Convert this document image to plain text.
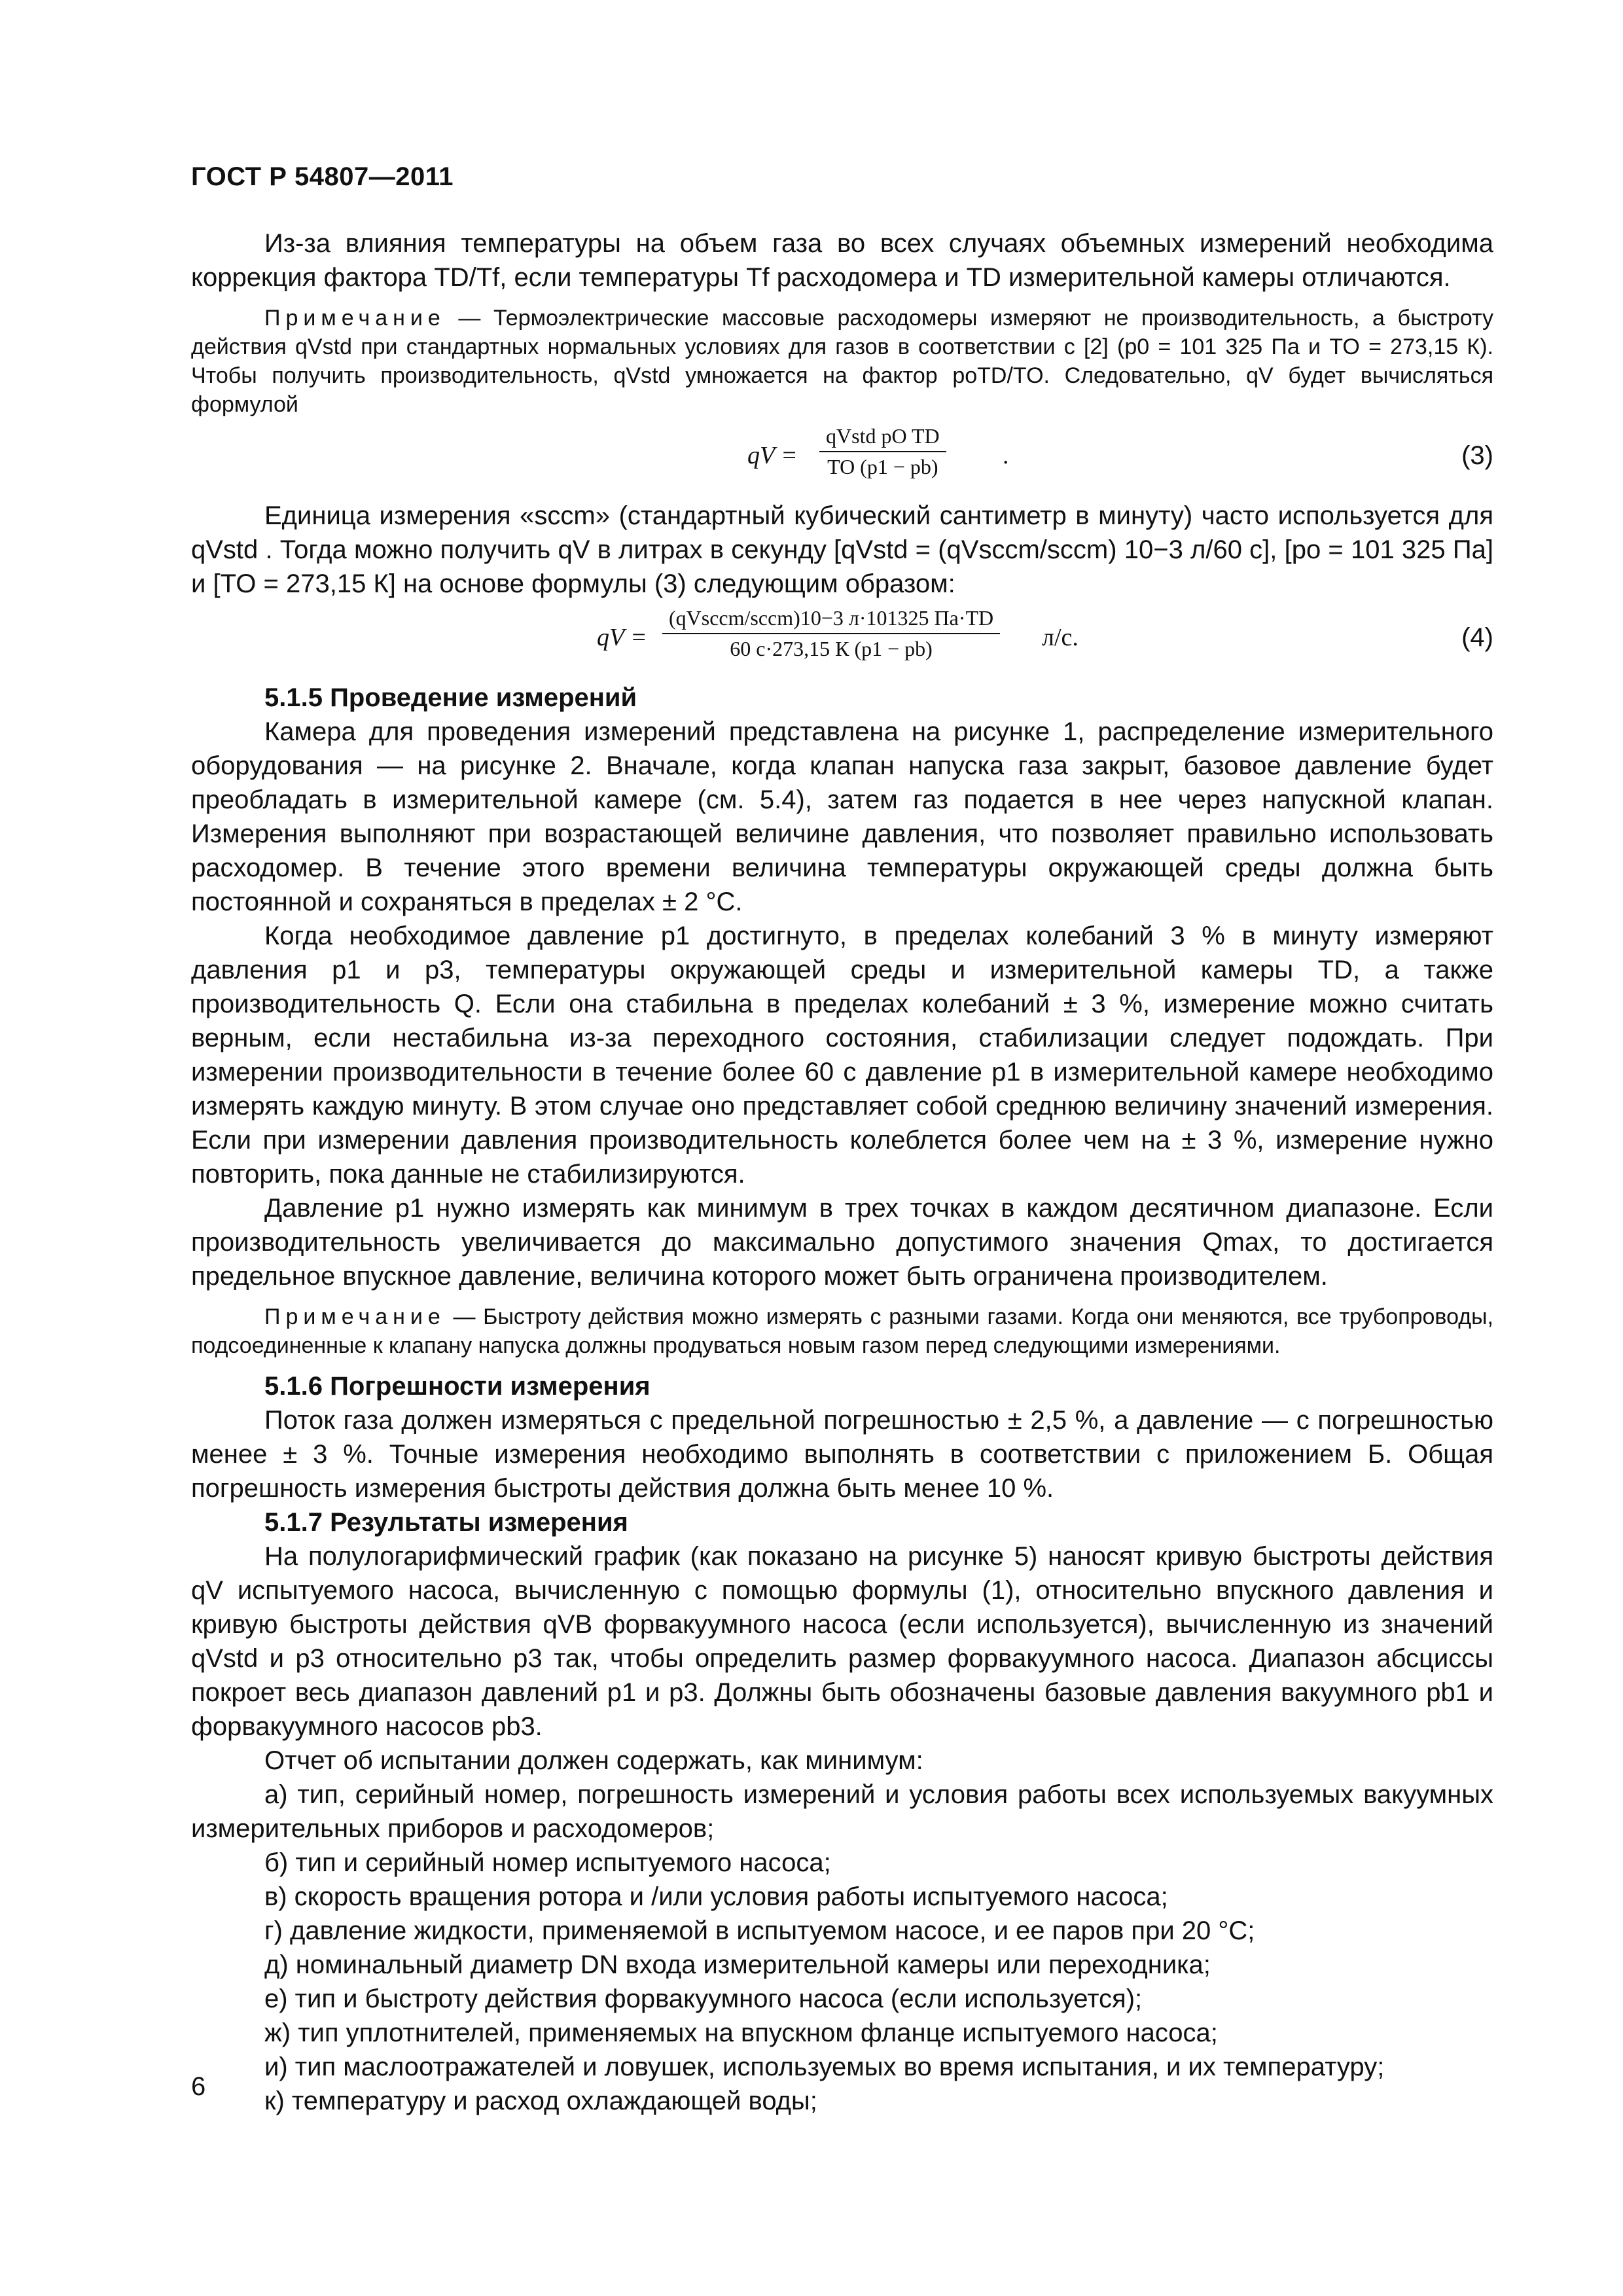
ГОСТ Р 54807—2011

Из-за влияния температуры на объем газа во всех случаях объемных измерений необходима коррекция фактора TD/Tf, если температуры Tf расходомера и TD измерительной камеры отличаются.

Примечание — Термоэлектрические массовые расходомеры измеряют не производительность, а быстроту действия qVstd при стандартных нормальных условиях для газов в соответствии с [2] (p0 = 101 325 Па и TO = 273,15 К). Чтобы получить производительность, qVstd умножается на фактор poTD/TO. Следовательно, qV будет вычисляться формулой

qV =
qVstd pO TD
TO (p1 − pb)	.	(3)

Единица измерения «sccm» (стандартный кубический сантиметр в минуту) часто используется для qVstd . Тогда можно получить qV в литрах в секунду [qVstd = (qVsccm/sccm) 10−3 л/60 с], [po = 101 325 Па] и [TO = 273,15 К] на основе формулы (3) следующим образом:

qV =
(qVsccm/sccm)10−3 л·101325 Па·TD
60 с·273,15 К (p1 − pb)	л/с.	(4)

5.1.5 Проведение измерений

Камера для проведения измерений представлена на рисунке 1, распределение измерительного оборудования — на рисунке 2. Вначале, когда клапан напуска газа закрыт, базовое давление будет преобладать в измерительной камере (см. 5.4), затем газ подается в нее через напускной клапан. Измерения выполняют при возрастающей величине давления, что позволяет правильно использовать расходомер. В течение этого времени величина температуры окружающей среды должна быть постоянной и сохраняться в пределах ± 2 °С.

Когда необходимое давление p1 достигнуто, в пределах колебаний 3 % в минуту измеряют давления p1 и p3, температуры окружающей среды и измерительной камеры TD, а также производительность Q. Если она стабильна в пределах колебаний ± 3 %, измерение можно считать верным, если нестабильна из-за переходного состояния, стабилизации следует подождать. При измерении производительности в течение более 60 с давление p1 в измерительной камере необходимо измерять каждую минуту. В этом случае оно представляет собой среднюю величину значений измерения. Если при измерении давления производительность колеблется более чем на ± 3 %, измерение нужно повторить, пока данные не стабилизируются.

Давление p1 нужно измерять как минимум в трех точках в каждом десятичном диапазоне. Если производительность увеличивается до максимально допустимого значения Qmax, то достигается предельное впускное давление, величина которого может быть ограничена производителем.

Примечание — Быстроту действия можно измерять с разными газами. Когда они меняются, все трубопроводы, подсоединенные к клапану напуска должны продуваться новым газом перед следующими измерениями.

5.1.6 Погрешности измерения

Поток газа должен измеряться с предельной погрешностью ± 2,5 %, а давление — с погрешностью менее ± 3 %. Точные измерения необходимо выполнять в соответствии с приложением Б. Общая погрешность измерения быстроты действия должна быть менее 10 %.

5.1.7 Результаты измерения

На полулогарифмический график (как показано на рисунке 5) наносят кривую быстроты действия qV испытуемого насоса, вычисленную с помощью формулы (1), относительно впускного давления и кривую быстроты действия qVB форвакуумного насоса (если используется), вычисленную из значений qVstd и p3 относительно p3 так, чтобы определить размер форвакуумного насоса. Диапазон абсциссы покроет весь диапазон давлений p1 и p3. Должны быть обозначены базовые давления вакуумного pb1 и форвакуумного насосов pb3.

Отчет об испытании должен содержать, как минимум:

а) тип, серийный номер, погрешность измерений и условия работы всех используемых вакуумных измерительных приборов и расходомеров;

б) тип и серийный номер испытуемого насоса;

в) скорость вращения ротора и /или условия работы испытуемого насоса;

г) давление жидкости, применяемой в испытуемом насосе, и ее паров при 20 °С;

д) номинальный диаметр DN входа измерительной камеры или переходника;

е) тип и быстроту действия форвакуумного насоса (если используется);

ж) тип уплотнителей, применяемых на впускном фланце испытуемого насоса;

и) тип маслоотражателей и ловушек, используемых во время испытания, и их температуру;

к) температуру и расход охлаждающей воды;

6
